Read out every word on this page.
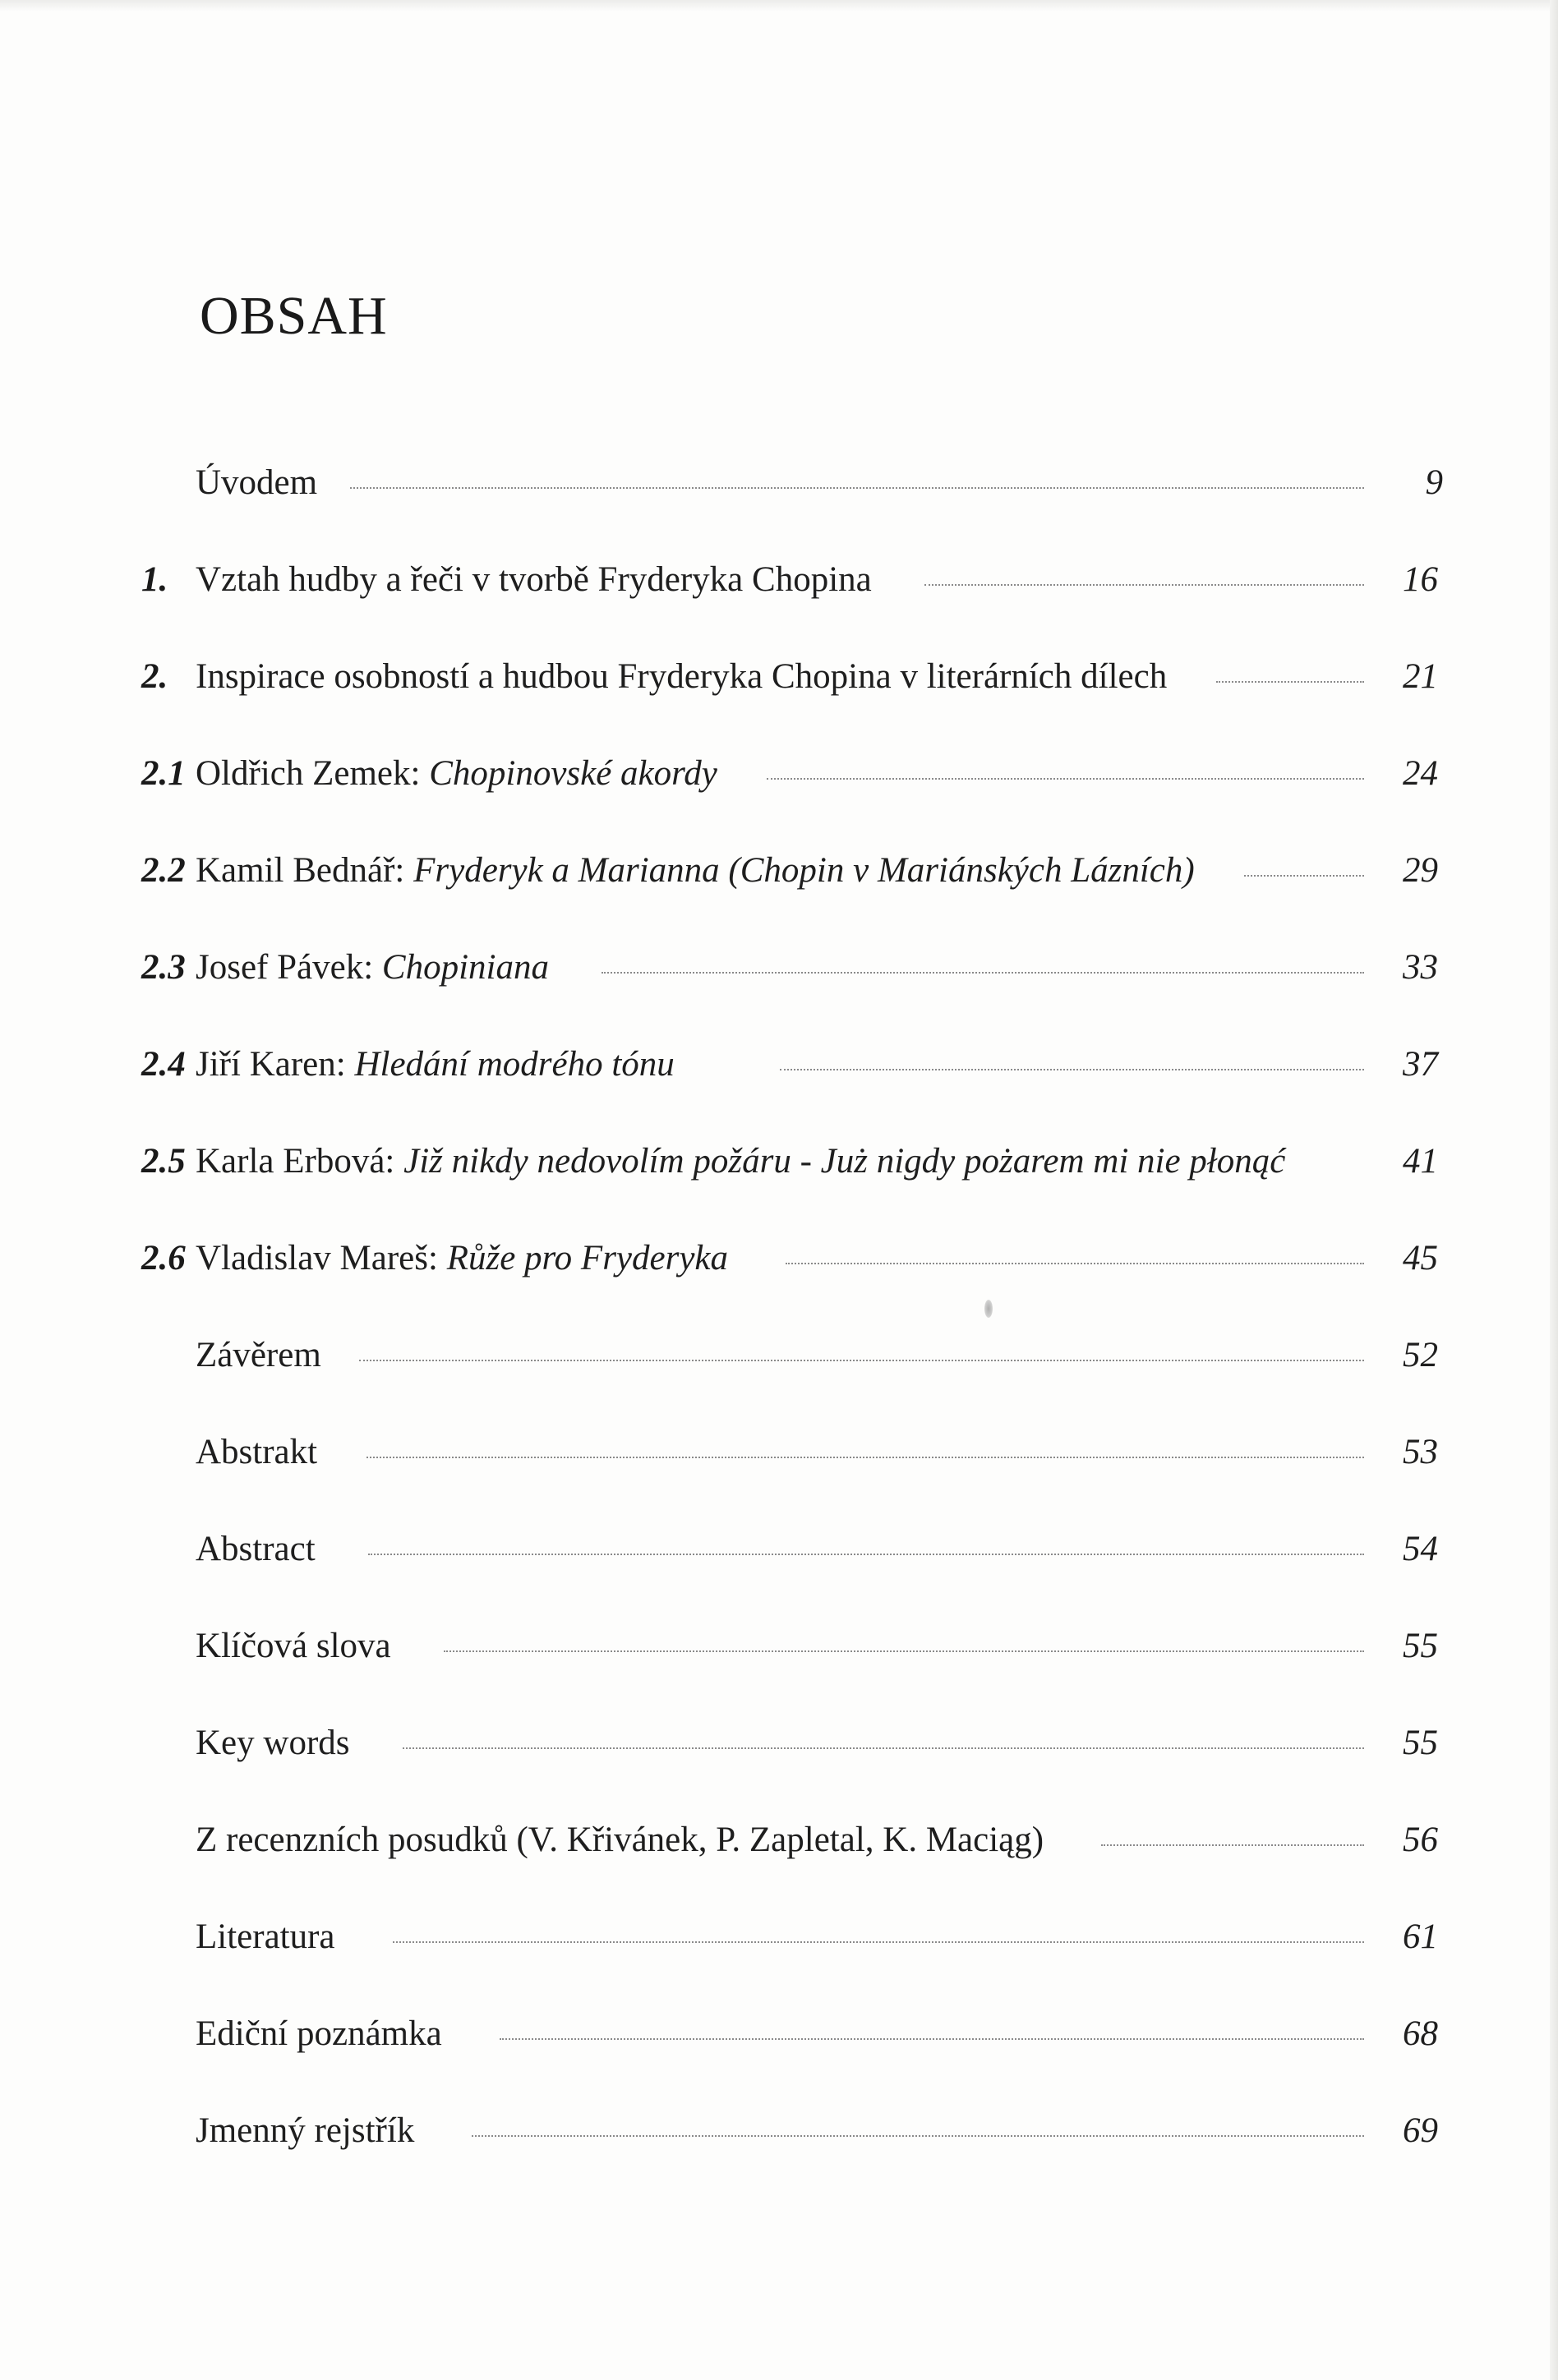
OBSAH
Úvodem	9
1. Vztah hudby a řeči v tvorbě Fryderyka Chopina	16
2. Inspirace osobností a hudbou Fryderyka Chopina v literárních dílech	21
2.1 Oldřich Zemek: Chopinovské akordy	24
2.2 Kamil Bednář: Fryderyk a Marianna (Chopin v Mariánských Lázních)	29
2.3 Josef Pávek: Chopiniana	33
2.4 Jiří Karen: Hledání modrého tónu	37
2.5 Karla Erbová: Již nikdy nedovolím požáru - Już nigdy pożarem mi nie płonąć	41
2.6 Vladislav Mareš: Růže pro Fryderyka	45
Závěrem	52
Abstrakt	53
Abstract	54
Klíčová slova	55
Key words	55
Z recenzních posudků (V. Křivánek, P. Zapletal, K. Maciąg)	56
Literatura	61
Ediční poznámka	68
Jmenný rejstřík	69
